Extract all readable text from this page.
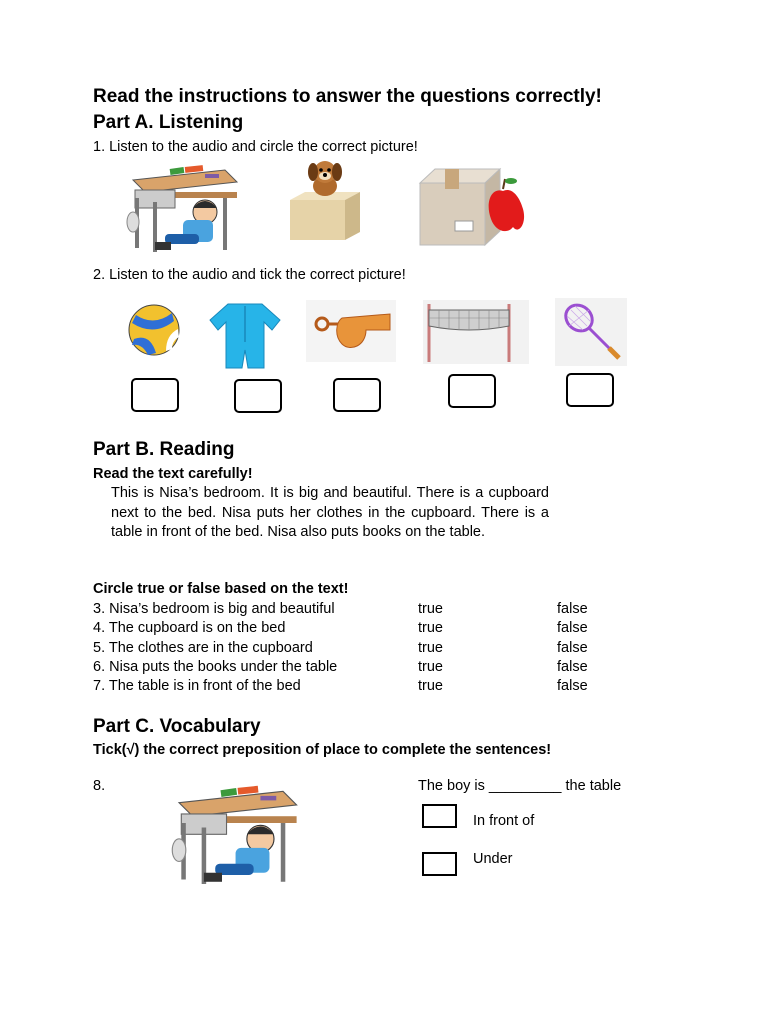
Read the instructions to answer the questions correctly!
Part A. Listening
1. Listen to the audio and circle the correct picture!
2. Listen to the audio and tick the correct picture!
Part B. Reading
Read the text carefully!
This is Nisa’s bedroom. It is big and beautiful. There is a cupboard next to the bed. Nisa puts her clothes in the cupboard. There is a table in front of the bed. Nisa also puts books on the table.
Circle true or false based on the text!
3. Nisa’s bedroom is big and beautiful	true	false
4. The cupboard is on the bed	true	false
5. The clothes are in the cupboard	true	false
6. Nisa puts the books under the table	true	false
7. The table is in front of the bed	true	false
Part C. Vocabulary
Tick(√) the correct preposition of place to complete the sentences!
8.	The boy is _________ the table
In front of
Under
